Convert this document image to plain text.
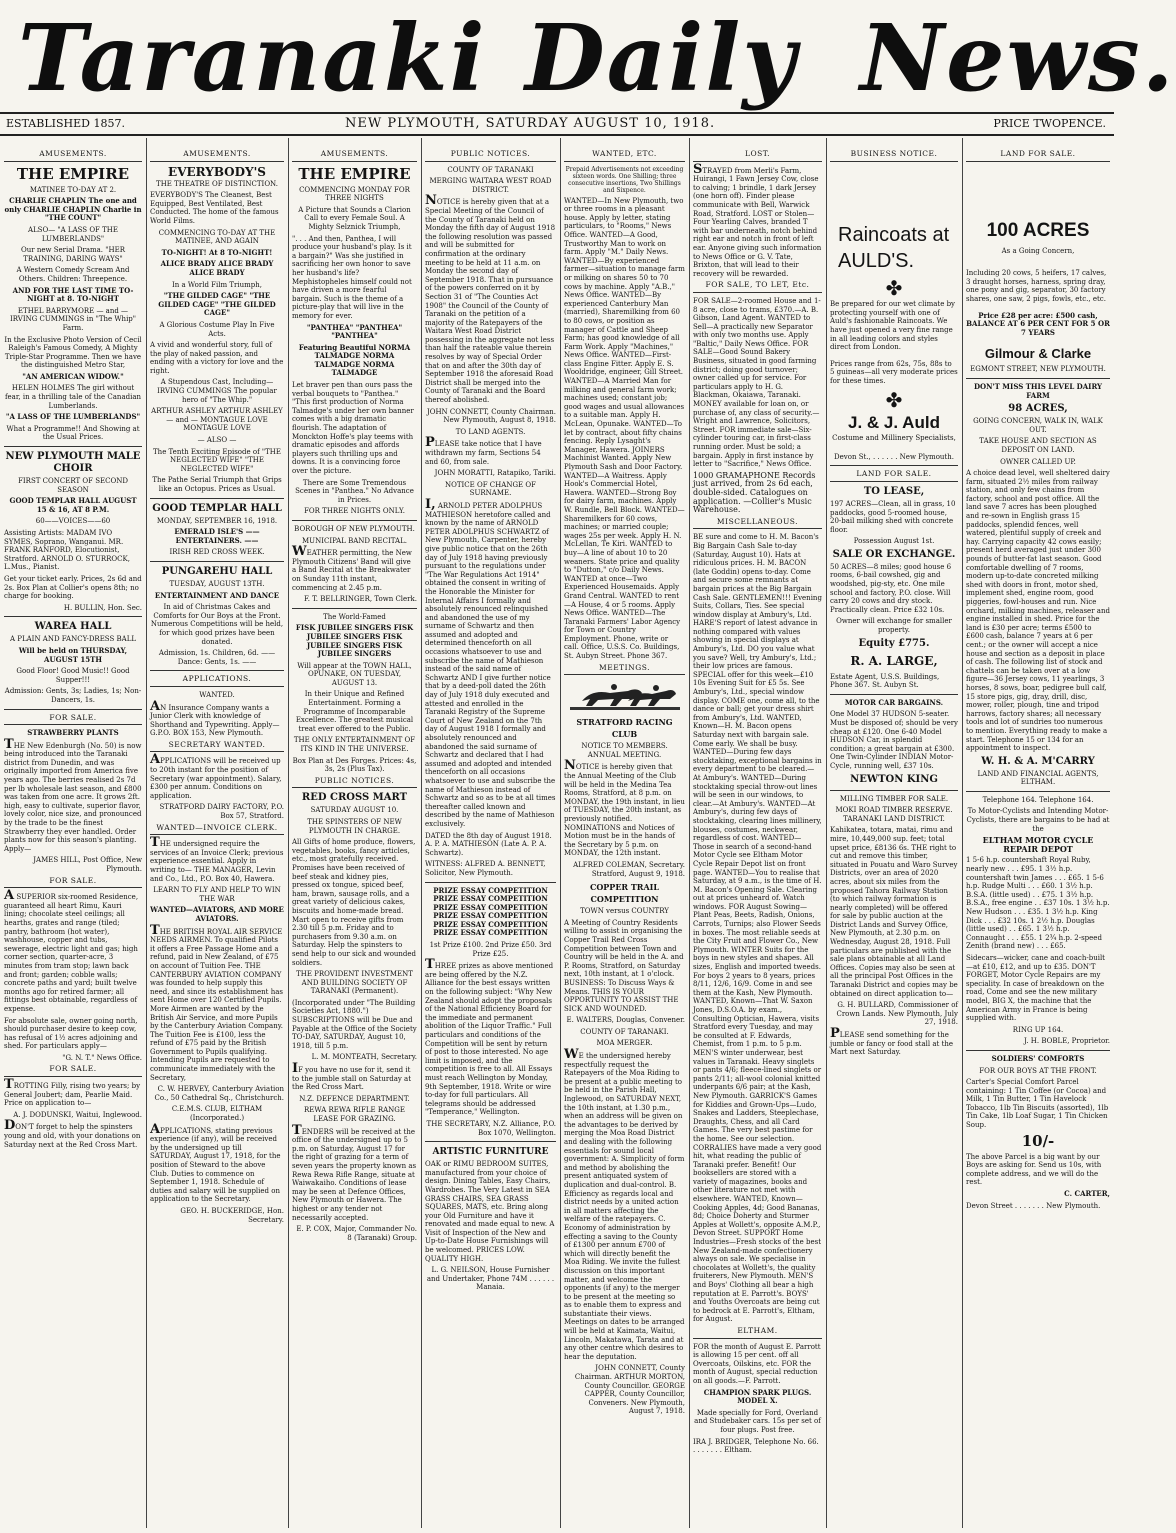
Taranaki Daily News.
ESTABLISHED 1857.	NEW PLYMOUTH, SATURDAY AUGUST 10, 1918.	PRICE TWOPENCE.
AMUSEMENTS.
THE EMPIRE
MATINEE TO-DAY AT 2.
CHARLIE CHAPLIN The one and only CHARLIE CHAPLIN Charlie in "THE COUNT"
ALSO— "A LASS OF THE LUMBERLANDS"
Our new Serial Drama. "HER TRAINING, DARING WAYS"
A Western Comedy Scream And Others. Children: Threepence.
AND FOR THE LAST TIME TO-NIGHT at 8. TO-NIGHT
ETHEL BARRYMORE — and — IRVING CUMMINGS in "The Whip" Farm.
In the Exclusive Photo Version of Cecil Raleigh's Famous Comedy, A Mighty Triple-Star Programme. Then we have the distinguished Metro Star,
"AN AMERICAN WIDOW."
HELEN HOLMES The girl without fear, in a thrilling tale of the Canadian Lumberlands.
"A LASS OF THE LUMBERLANDS"
What a Programme!! And Showing at the Usual Prices.
NEW PLYMOUTH MALE CHOIR
FIRST CONCERT OF SECOND SEASON
GOOD TEMPLAR HALL AUGUST 15 & 16, AT 8 P.M.
60——VOICES——60
Assisting Artists: MADAM IVO SYMES, Soprano, Wanganui. MR. FRANK RANFORD, Elocutionist, Stratford. ARNOLD O. STURROCK, L.Mus., Pianist.
Get your ticket early. Prices, 2s 6d and 2s. Box Plan at Collier's opens 8th; no charge for booking.
H. BULLIN, Hon. Sec.
WAREA HALL
A PLAIN AND FANCY-DRESS BALL
Will be held on THURSDAY, AUGUST 15TH
Good Floor! Good Music!! Good Supper!!!
Admission: Gents, 3s; Ladies, 1s; Non-Dancers, 1s.
FOR SALE.
STRAWBERRY PLANTS
THE New Edenburgh (No. 50) is now being introduced into the Taranaki district from Dunedin, and was originally imported from America five years ago. The berries realised 2s 7d per lb wholesale last season, and £800 was taken from one acre. It grows 2ft. high, easy to cultivate, superior flavor, lovely color, nice size, and pronounced by the trade to be the finest Strawberry they ever handled. Order plants now for this season's planting. Apply—
JAMES HILL, Post Office, New Plymouth.
FOR SALE.
A SUPERIOR six-roomed Residence, guaranteed all heart Rimu, Kauri lining; chocolate steel ceilings; all hearths, grates and range (tiled; pantry, bathroom (hot water), washhouse, copper and tubs, sewerage, electric light and gas; high corner section, quarter-acre, 3 minutes from tram stop; lawn back and front; garden; cobble walls; concrete paths and yard; built twelve months ago for retired farmer; all fittings best obtainable, regardless of expense.
For absolute sale, owner going north, should purchaser desire to keep cow, has refusal of 1½ acres adjoining and shed. For particulars apply—
"G. N. T." News Office.
FOR SALE.
TROTTING Filly, rising two years; by General Joubert; dam, Pearlie Maid. Price on application to—
A. J. DODUNSKI, Waitui, Inglewood.
DON'T forget to help the spinsters young and old, with your donations on Saturday next at the Red Cross Mart.
AMUSEMENTS.
EVERYBODY'S
THE THEATRE OF DISTINCTION.
EVERYBODY'S The Cleanest, Best Equipped, Best Ventilated, Best Conducted. The home of the famous World Films.
COMMENCING TO-DAY AT THE MATINEE, AND AGAIN
TO-NIGHT! At 8 TO-NIGHT!
ALICE BRADY ALICE BRADY ALICE BRADY
In a World Film Triumph,
"THE GILDED CAGE" "THE GILDED CAGE" "THE GILDED CAGE"
A Glorious Costume Play In Five Acts.
A vivid and wonderful story, full of the play of naked passion, and ending with a victory for love and the right.
A Stupendous Cast, Including— IRVING CUMMINGS The popular hero of "The Whip."
ARTHUR ASHLEY ARTHUR ASHLEY — and — MONTAGUE LOVE MONTAGUE LOVE
— ALSO —
The Tenth Exciting Episode of "THE NEGLECTED WIFE" "THE NEGLECTED WIFE"
The Pathe Serial Triumph that Grips like an Octopus. Prices as Usual.
GOOD TEMPLAR HALL
MONDAY, SEPTEMBER 16, 1918.
EMERALD ISLE'S —— ENTERTAINERS. ——
IRISH RED CROSS WEEK.
PUNGAREHU HALL
TUESDAY, AUGUST 13TH.
ENTERTAINMENT AND DANCE
In aid of Christmas Cakes and Comforts for Our Boys at the Front. Numerous Competitions will be held, for which good prizes have been donated.
Admission, 1s. Children, 6d. —— Dance: Gents, 1s. ——
APPLICATIONS.
WANTED.
AN Insurance Company wants a Junior Clerk with knowledge of Shorthand and Typewriting. Apply— G.P.O. BOX 153, New Plymouth.
SECRETARY WANTED.
APPLICATIONS will be received up to 20th instant for the position of Secretary (war appointment). Salary, £300 per annum. Conditions on application.
STRATFORD DAIRY FACTORY, P.O. Box 57, Stratford.
WANTED—INVOICE CLERK.
THE undersigned require the services of an Invoice Clerk; previous experience essential. Apply in writing to— THE MANAGER, Levin and Co., Ltd., P.O. Box 40, Hawera.
LEARN TO FLY AND HELP TO WIN THE WAR
WANTED—AVIATORS, AND MORE AVIATORS.
THE BRITISH ROYAL AIR SERVICE NEEDS AIRMEN. To qualified Pilots it offers a Free Passage Home and a refund, paid in New Zealand, of £75 on account of Tuition Fee. THE CANTERBURY AVIATION COMPANY was founded to help supply this need, and since its establishment has sent Home over 120 Certified Pupils. More Airmen are wanted by the British Air Service, and more Pupils by the Canterbury Aviation Company. The Tuition Fee is £100, less the refund of £75 paid by the British Government to Pupils qualifying. Intending Pupils are requested to communicate immediately with the Secretary,
C. W. HERVEY, Canterbury Aviation Co., 50 Cathedral Sq., Christchurch.
C.E.M.S. CLUB, ELTHAM (Incorporated.)
APPLICATIONS, stating previous experience (if any), will be received by the undersigned up till SATURDAY, August 17, 1918, for the position of Steward to the above Club. Duties to commence on September 1, 1918. Schedule of duties and salary will be supplied on application to the Secretary.
GEO. H. BUCKERIDGE, Hon. Secretary.
AMUSEMENTS.
THE EMPIRE
COMMENCING MONDAY FOR THREE NIGHTS
A Picture that Sounds a Clarion Call to every Female Soul. A Mighty Selznick Triumph,
". . . And then, Panthea, I will produce your husband's play. Is it a bargain?" Was she justified in sacrificing her own honor to save her husband's life? Mephistopheles himself could not have driven a more fearful bargain. Such is the theme of a picture-play that will live in the memory for ever.
"PANTHEA" "PANTHEA" "PANTHEA"
Featuring Beautiful NORMA TALMADGE NORMA TALMADGE NORMA TALMADGE
Let braver pen than ours pass the verbal bouquets to "Panthea." "This first production of Norma Talmadge's under her own banner comes with a big dramatic flourish. The adaptation of Monckton Hoffe's play teems with dramatic episodes and affords players such thrilling ups and downs. It is a convincing force over the picture.
There are Some Tremendous Scenes in "Panthea." No Advance in Prices.
FOR THREE NIGHTS ONLY.
BOROUGH OF NEW PLYMOUTH.
MUNICIPAL BAND RECITAL.
WEATHER permitting, the New Plymouth Citizens' Band will give a Band Recital at the Breakwater on Sunday 11th instant, commencing at 2.45 p.m.
F. T. BELLRINGER, Town Clerk.
The World-Famed
FISK JUBILEE SINGERS FISK JUBILEE SINGERS FISK JUBILEE SINGERS FISK JUBILEE SINGERS
Will appear at the TOWN HALL, OPUNAKE, ON TUESDAY, AUGUST 13.
In their Unique and Refined Entertainment. Forming a Programme of Incomparable Excellence. The greatest musical treat ever offered to the Public.
THE ONLY ENTERTAINMENT OF ITS KIND IN THE UNIVERSE.
Box Plan at Des Forges. Prices: 4s, 3s, 2s (Plus Tax).
PUBLIC NOTICES.
RED CROSS MART
SATURDAY AUGUST 10.
THE SPINSTERS OF NEW PLYMOUTH IN CHARGE.
All Gifts of home produce, flowers, vegetables, books, fancy articles, etc., most gratefully received. Promises have been received of beef steak and kidney pies, pressed ox tongue, spiced beef, ham, brawn, sausage rolls, and a great variety of delicious cakes, biscuits and home-made bread. Mart open to receive gifts from 2.30 till 5 p.m. Friday and to purchasers from 9.30 a.m. on Saturday. Help the spinsters to send help to our sick and wounded soldiers.
THE PROVIDENT INVESTMENT AND BUILDING SOCIETY OF TARANAKI (Permanent).
(Incorporated under "The Building Societies Act, 1880.") SUBSCRIPTIONS will be Due and Payable at the Office of the Society TO-DAY, SATURDAY, August 10, 1918, till 5 p.m.
L. M. MONTEATH, Secretary.
IF you have no use for it, send it to the jumble stall on Saturday at the Red Cross Mart.
N.Z. DEFENCE DEPARTMENT.
REWA REWA RIFLE RANGE LEASE FOR GRAZING.
TENDERS will be received at the office of the undersigned up to 5 p.m. on Saturday, August 17 for the right of grazing for a term of seven years the property known as Rewa Rewa Rifle Range, situate at Waiwakaiho. Conditions of lease may be seen at Defence Offices, New Plymouth or Hawera. The highest or any tender not necessarily accepted.
E. P. COX, Major, Commander No. 8 (Taranaki) Group.
PUBLIC NOTICES.
COUNTY OF TARANAKI
MERGING WAITARA WEST ROAD DISTRICT.
NOTICE is hereby given that at a Special Meeting of the Council of the County of Taranaki held on Monday the fifth day of August 1918 the following resolution was passed and will be submitted for confirmation at the ordinary meeting to be held at 11 a.m. on Monday the second day of September 1918. That in pursuance of the powers conferred on it by Section 31 of "The Counties Act 1908" the Council of the County of Taranaki on the petition of a majority of the Ratepayers of the Waitara West Road District possessing in the aggregate not less than half the rateable value therein resolves by way of Special Order that on and after the 30th day of September 1918 the aforesaid Road District shall be merged into the County of Taranaki and the Board thereof abolished.
JOHN CONNETT, County Chairman. New Plymouth, August 8, 1918.
TO LAND AGENTS.
PLEASE take notice that I have withdrawn my farm, Sections 54 and 60, from sale.
JOHN MORATTI, Ratapiko, Tariki.
NOTICE OF CHANGE OF SURNAME.
I, ARNOLD PETER ADOLPHUS MATHIESON heretofore called and known by the name of ARNOLD PETER ADOLPHUS SCHWARTZ of New Plymouth, Carpenter, hereby give public notice that on the 26th day of July 1918 having previously pursuant to the regulations under "The War Regulations Act 1914" obtained the consent in writing of the Honorable the Minister for Internal Affairs I formally and absolutely renounced relinquished and abandoned the use of my surname of Schwartz and then assumed and adopted and determined thenceforth on all occasions whatsoever to use and subscribe the name of Mathieson instead of the said name of Schwartz AND I give further notice that by a deed-poll dated the 26th day of July 1918 duly executed and attested and enrolled in the Taranaki Registry of the Supreme Court of New Zealand on the 7th day of August 1918 I formally and absolutely renounced and abandoned the said surname of Schwartz and declared that I had assumed and adopted and intended thenceforth on all occasions whatsoever to use and subscribe the name of Mathieson instead of Schwartz and so as to be at all times thereafter called known and described by the name of Mathieson exclusively.
DATED the 8th day of August 1918. A. P. A. MATHIESON (Late A. P. A. Schwartz).
WITNESS: ALFRED A. BENNETT, Solicitor, New Plymouth.
PRIZE ESSAY COMPETITION PRIZE ESSAY COMPETITION PRIZE ESSAY COMPETITION PRIZE ESSAY COMPETITION PRIZE ESSAY COMPETITION PRIZE ESSAY COMPETITION
1st Prize £100. 2nd Prize £50. 3rd Prize £25.
THREE prizes as above mentioned are being offered by the N.Z. Alliance for the best essays written on the following subject: "Why New Zealand should adopt the proposals of the National Efficiency Board for the immediate and permanent abolition of the Liquor Traffic." Full particulars and conditions of the Competition will be sent by return of post to those interested. No age limit is imposed, and the competition is free to all. All Essays must reach Wellington by Monday, 9th September, 1918. Write or wire to-day for full particulars. All telegrams should be addressed "Temperance," Wellington.
THE SECRETARY, N.Z. Alliance, P.O. Box 1070, Wellington.
ARTISTIC FURNITURE
OAK or RIMU BEDROOM SUITES, manufactured from your choice of design. Dining Tables, Easy Chairs, Wardrobes. The Very Latest in SEA GRASS CHAIRS, SEA GRASS SQUARES, MATS, etc. Bring along your Old Furniture and have it renovated and made equal to new. A Visit of Inspection of the New and Up-to-Date House Furnishings will be welcomed. PRICES LOW. QUALITY HIGH.
L. G. NEILSON, House Furnisher and Undertaker, Phone 74M . . . . . . Manaia.
WANTED, ETC.
Prepaid Advertisements not exceeding sixteen words. One Shilling; three consecutive insertions, Two Shillings and Sixpence.
WANTED—In New Plymouth, two or three rooms in a pleasant house. Apply by letter, stating particulars, to "Rooms," News Office. WANTED—A Good, Trustworthy Man to work on farm. Apply "M." Daily News. WANTED—By experienced farmer—situation to manage farm or milking on shares 50 to 70 cows by machine. Apply "A.B.," News Office. WANTED—By experienced Canterbury Man (married), Sharemilking from 60 to 80 cows, or position as manager of Cattle and Sheep Farm; has good knowledge of all Farm Work. Apply "Machines," News Office. WANTED—First-class Engine Fitter. Apply E. S. Wooldridge, engineer, Gill Street. WANTED—A Married Man for milking and general farm work; machines used; constant job; good wages and usual allowances to a suitable man. Apply H. McLean, Opunake. WANTED—To let by contract, about fifty chains fencing. Reply Lysaght's Manager, Hawera. JOINERS Machinist Wanted. Apply New Plymouth Sash and Door Factory. WANTED—A Waitress. Apply Hook's Commercial Hotel, Hawera. WANTED—Strong Boy for dairy farm, machines. Apply W. Rundle, Bell Block. WANTED—Sharemilkers for 60 cows, machines; or married couple; wages 25s per week. Apply H. N. McLellan, Te Kiri. WANTED to buy—A line of about 10 to 20 weaners. State price and quality to "Dutton," c/o Daily News. WANTED at once—Two Experienced Housemaids. Apply Grand Central. WANTED to rent—A House, 4 or 5 rooms. Apply News Office. WANTED—The Taranaki Farmers' Labor Agency for Town or Country Employment. Phone, write or call. Office, U.S.S. Co. Buildings, St. Aubyn Street. Phone 367.
MEETINGS.
STRATFORD RACING CLUB
NOTICE TO MEMBERS. ANNUAL MEETING.
NOTICE is hereby given that the Annual Meeting of the Club will be held in the Medina Tea Rooms, Stratford, at 8 p.m. on MONDAY, the 19th instant, in lieu of TUESDAY, the 20th instant, as previously notified. NOMINATIONS and Notices of Motion must be in the hands of the Secretary by 5 p.m. on MONDAY, the 12th instant.
ALFRED COLEMAN, Secretary. Stratford, August 9, 1918.
COPPER TRAIL COMPETITION
TOWN versus COUNTRY
A Meeting of Country Residents willing to assist in organising the Copper Trail Red Cross Competition between Town and Country will be held in the A. and P. Rooms, Stratford, on Saturday next, 10th instant, at 1 o'clock. BUSINESS: To Discuss Ways & Means. THIS IS YOUR OPPORTUNITY TO ASSIST THE SICK AND WOUNDED.
E. WALTERS, Douglas, Convener.
COUNTY OF TARANAKI.
MOA MERGER.
WE the undersigned hereby respectfully request the Ratepayers of the Moa Riding to be present at a public meeting to be held in the Parish Hall, Inglewood, on SATURDAY NEXT, the 10th instant, at 1.30 p.m., when an address will be given on the advantages to be derived by merging the Moa Road District and dealing with the following essentials for sound local government: A. Simplicity of form and method by abolishing the present antiquated system of duplication and dual-control. B. Efficiency as regards local and district needs by a united action in all matters affecting the welfare of the ratepayers. C. Economy of administration by effecting a saving to the County of £1300 per annum £700 of which will directly benefit the Moa Riding. We invite the fullest discussion on this important matter, and welcome the opponents (if any) to the merger to be present at the meeting so as to enable them to express and substantiate their views. Meetings on dates to be arranged will be held at Kaimata, Waitui, Lincoln, Makatawa, Tarata and at any other centre which desires to hear the deputation.
JOHN CONNETT, County Chairman. ARTHUR MORTON, County Councillor. GEORGE CAPPER, County Councillor, Conveners. New Plymouth, August 7, 1918.
LOST.
STRAYED from Merli's Farm, Huirangi, 1 Fawn Jersey Cow, close to calving; 1 brindle, 1 dark Jersey (one horn off). Finder please communicate with Bell, Warwick Road, Stratford. LOST or Stolen—Four Yearling Calves, branded T with bar underneath, notch behind right ear and notch in front of left ear. Anyone giving such information to News Office or G. V. Tate, Brixton, that will lead to their recovery will be rewarded.
FOR SALE, TO LET, Etc.
FOR SALE—2-roomed House and 1-8 acre, close to trams, £370.—A. B. Gibson, Land Agent. WANTED to Sell—A practically new Separator with only two months use. Apply "Baltic," Daily News Office. FOR SALE—Good Sound Bakery Business, situated in good farming district; doing good turnover; owner called up for service. For particulars apply to H. G. Blackman, Okaiawa, Taranaki. MONEY available for loan on, or purchase of, any class of security.—Wright and Lawrence, Solicitors, Street. FOR immediate sale—Six-cylinder touring car, in first-class running order. Must be sold; a bargain. Apply in first instance by letter to "Sacrifice," News Office.
1000 GRAMAPHONE Records just arrived, from 2s 6d each, double-sided. Catalogues on application. —Collier's Music Warehouse.
MISCELLANEOUS.
BE sure and come to H. M. Bacon's Big Bargain Cash Sale to-day (Saturday, August 10). Hats at ridiculous prices. H. M. BACON (late Goddin) opens to-day. Come and secure some remnants at bargain prices at the Big Bargain Cash Sale. GENTLEMEN!!! Evening Suits, Collars, Ties. See special window display at Ambury's, Ltd. HARE'S report of latest advance in nothing compared with values showing in special displays at Ambury's, Ltd. DO you value what you save? Well, try Ambury's, Ltd.; their low prices are famous. SPECIAL offer for this week—£10 10s Evening Suit for £5 5s. See Ambury's, Ltd., special window display. COME one, come all, to the dance or ball; get your dress shirt from Ambury's, Ltd. WANTED, Known—H. M. Bacon opens Saturday next with bargain sale. Come early. We shall be busy. WANTED—During few days stocktaking, exceptional bargains in every department to be cleared.—At Ambury's. WANTED—During stocktaking special throw-out lines will be seen in our windows, to clear.—At Ambury's. WANTED—At Ambury's, during few days of stocktaking, clearing lines millinery, blouses, costumes, neckwear, regardless of cost. WANTED—Those in search of a second-hand Motor Cycle see Eltham Motor Cycle Repair Depot list on front page. WANTED—You to realise that Saturday, at 9 a.m., is the time of H. M. Bacon's Opening Sale. Clearing out at prices unheard of. Watch windows. FOR August Sowing—Plant Peas, Beets, Radish, Onions, Carrots, Turnips; also Flower Seeds in boxes. The most reliable seeds at the City Fruit and Flower Co., New Plymouth. WINTER Suits for the boys in new styles and shapes. All sizes, English and imported tweeds. For boys 2 years to 8 years, prices 8/11, 12/6, 16/9. Come in and see them at the Kash, New Plymouth. WANTED, Known—That W. Saxon Jones, D.S.O.A. by exam., Consulting Optician, Hawera, visits Stratford every Tuesday, and may be consulted at F. Edwards, Chemist, from 1 p.m. to 5 p.m. MEN'S winter underwear, best values in Taranaki. Heavy singlets or pants 4/6; fleece-lined singlets or pants 2/11; all-wool colonial knitted underpants 6/6 pair; at the Kash, New Plymouth. GARRICK'S Games for Kiddies and Grown-Ups—Ludo, Snakes and Ladders, Steeplechase, Draughts, Chess, and all Card Games. The very best pastime for the home. See our selection. CORRALIES have made a very good hit, what reading the public of Taranaki prefer. Benefit! Our booksellers are stored with a variety of magazines, books and other literature not met with elsewhere. WANTED, Known—Cooking Apples, 4d; Good Bananas, 8d; Choice Doherty and Sturmer Apples at Wollett's, opposite A.M.P., Devon Street. SUPPORT Home Industries—Fresh stocks of the best New Zealand-made confectionery always on sale. We specialise in chocolates at Wollett's, the quality fruiterers, New Plymouth. MEN'S and Boys' Clothing all bear a high reputation at E. Parrott's. BOYS' and Youths Overcoats are being cut to bedrock at E. Parrott's, Eltham, for August.
ELTHAM.
FOR the month of August E. Parrott is allowing 15 per cent. off all Overcoats, Oilskins, etc. FOR the month of August, special reduction on all goods.—F. Parrott.
CHAMPION SPARK PLUGS. MODEL X.
Made specially for Ford, Overland and Studebaker cars. 15s per set of four plugs. Post free.
IRA J. BRIDGER, Telephone No. 66. . . . . . . . Eltham.
BUSINESS NOTICE.
Raincoats at AULD'S.
✤
Be prepared for our wet climate by protecting yourself with one of Auld's fashionable Raincoats. We have just opened a very fine range in all leading colors and styles direct from London.
Prices range from 62s, 75s, 88s to 5 guineas—all very moderate prices for these times.
✤
J. & J. Auld
Costume and Millinery Specialists,
Devon St., . . . . . . New Plymouth.
LAND FOR SALE.
TO LEASE,
197 ACRES—Clean, all in grass, 10 paddocks, good 5-roomed house, 20-bail milking shed with concrete floor.
Possession August 1st.
SALE OR EXCHANGE.
50 ACRES—8 miles; good house 6 rooms, 6-bail cowshed, gig and woodshed, pig-sty, etc. One mile school and factory, P.O. close. Will carry 20 cows and dry stock. Practically clean. Price £32 10s.
Owner will exchange for smaller property.
Equity £775.
R. A. LARGE,
Estate Agent, U.S.S. Buildings, Phone 367. St. Aubyn St.
MOTOR CAR BARGAINS.
One Model 37 HUDSON 5-seater. Must be disposed of; should be very cheap at £120. One 6-40 Model HUDSON Car, in splendid condition; a great bargain at £300. One Twin-Cylinder INDIAN Motor-Cycle, running well, £37 10s.
NEWTON KING
MILLING TIMBER FOR SALE.
MOKI ROAD TIMBER RESERVE. TARANAKI LAND DISTRICT.
Kahikatea, totara, matai, rimu and mire, 10,449,000 sup. feet; total upset price, £8136 6s. THE right to cut and remove this timber, situated in Pouatu and Waro Survey Districts, over an area of 2020 acres, about six miles from the proposed Tahora Railway Station (to which railway formation is nearly completed) will be offered for sale by public auction at the District Lands and Survey Office, New Plymouth, at 2.30 p.m. on Wednesday, August 28, 1918. Full particulars are published with the sale plans obtainable at all Land Offices. Copies may also be seen at all the principal Post Offices in the Taranaki District and copies may be obtained on direct application to—
G. H. BULLARD, Commissioner of Crown Lands. New Plymouth, July 27, 1918.
PLEASE send something for the jumble or fancy or food stall at the Mart next Saturday.
LAND FOR SALE.
100 ACRES
As a Going Concern,
Including 20 cows, 5 heifers, 17 calves, 3 draught horses, harness, spring dray, one pony and gig, separator, 30 factory shares, one saw, 2 pigs, fowls, etc., etc.
Price £28 per acre: £500 cash, BALANCE AT 6 PER CENT FOR 5 OR 7 YEARS
Gilmour & Clarke
EGMONT STREET, NEW PLYMOUTH.
DON'T MISS THIS LEVEL DAIRY FARM
98 ACRES,
GOING CONCERN, WALK IN, WALK OUT.
TAKE HOUSE AND SECTION AS DEPOSIT ON LAND.
OWNER CALLED UP.
A choice dead level, well sheltered dairy farm, situated 2½ miles from railway station, and only few chains from factory, school and post office. All the land save 7 acres has been ploughed and re-sown in English grass 15 paddocks, splendid fences, well watered, plentiful supply of creek and hay. Carrying capacity 42 cows easily; present herd averaged just under 300 pounds of butter-fat last season. Good comfortable dwelling of 7 rooms, modern up-to-date concreted milking shed with doors in front, motor shed, implement shed, engine room, good piggeries, fowl-houses and run. Nice orchard, milking machines, releaser and engine installed in shed. Price for the land is £30 per acre; terms £500 to £600 cash, balance 7 years at 6 per cent.; or the owner will accept a nice house and section as a deposit in place of cash. The following list of stock and chattels can be taken over at a low figure—36 Jersey cows, 11 yearlings, 3 horses, 8 sows, boar, pedigree bull calf, 15 store pigs, gig, dray, drill, disc, mower, roller, plough, tine and tripod harrows, factory shares; all necessary tools and lot of sundries too numerous to mention. Everything ready to make a start. Telephone 15 or 134 for an appointment to inspect.
W. H. & A. M'CARRY
LAND AND FINANCIAL AGENTS, ELTHAM.
Telephone 164. Telephone 164.
To Motor-Cyclists and Intending Motor-Cyclists, there are bargains to be had at the
ELTHAM MOTOR CYCLE REPAIR DEPOT
1 5-6 h.p. countershaft Royal Ruby, nearly new . . . £95. 1 3½ h.p. countershaft twin James . . . £65. 1 5-6 h.p. Rudge Multi . . . £60. 1 3½ h.p. B.S.A. (little used) . . £75. 1 3½ h.p. B.S.A., free engine . . £37 10s. 1 3½ h.p. New Hudson . . . £35. 1 3½ h.p. King Dick . . . £32 10s. 1 2½ h.p. Douglas (little used) . . £65. 1 3½ h.p. Connaught . . . £55. 1 2¾ h.p. 2-speed Zenith (brand new) . . . £65.
Sidecars—wicker, cane and coach-built—at £10, £12, and up to £35. DON'T FORGET, Motor Cycle Repairs are my speciality. In case of breakdown on the road, Come and see the new military model, BIG X, the machine that the American Army in France is being supplied with.
RING UP 164.
J. H. BOBLE, Proprietor.
SOLDIERS' COMFORTS
FOR OUR BOYS AT THE FRONT.
Carter's Special Comfort Parcel containing: 1 Tin Coffee (or Cocoa) and Milk, 1 Tin Butter, 1 Tin Havelock Tobacco, 1lb Tin Biscuits (assorted), 1lb Tin Cake, 1lb Loaf Sugar, 1 Tin Chicken Soup.
10/-
The above Parcel is a big want by our Boys are asking for. Send us 10s, with complete address, and we will do the rest.
C. CARTER,
Devon Street . . . . . . . New Plymouth.
